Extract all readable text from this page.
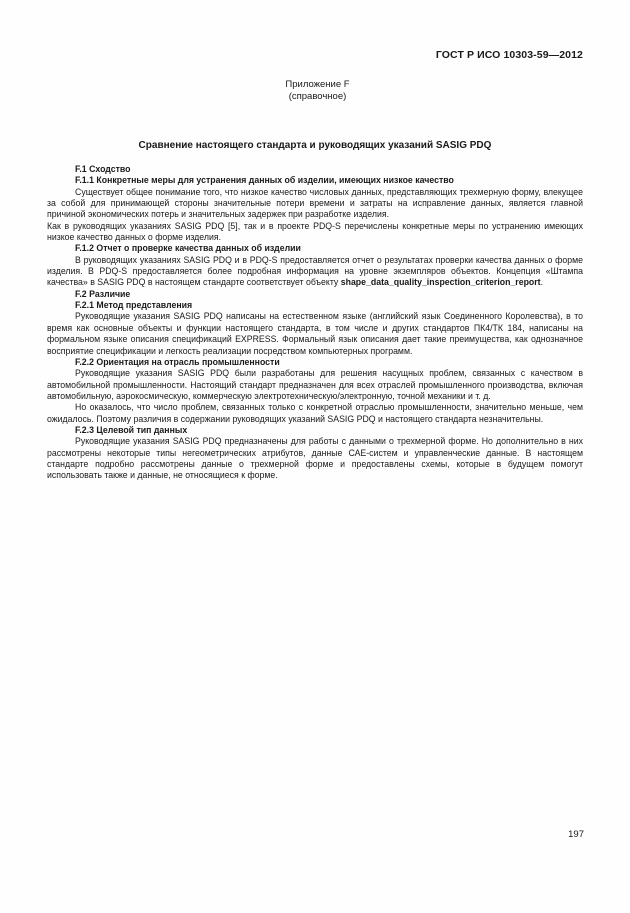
ГОСТ Р ИСО 10303-59—2012
Приложение F
(справочное)
Сравнение настоящего стандарта и руководящих указаний SASIG PDQ
F.1 Сходство
F.1.1 Конкретные меры для устранения данных об изделии, имеющих низкое качество

Существует общее понимание того, что низкое качество числовых данных, представляющих трехмерную форму, влекущее за собой для принимающей стороны значительные потери времени и затраты на исправление данных, является главной причиной экономических потерь и значительных задержек при разработке изделия.

Как в руководящих указаниях SASIG PDQ [5], так и в проекте PDQ-S перечислены конкретные меры по устранению имеющих низкое качество данных о форме изделия.

F.1.2 Отчет о проверке качества данных об изделии

В руководящих указаниях SASIG PDQ и в PDQ-S предоставляется отчет о результатах проверки качества данных о форме изделия. В PDQ-S предоставляется более подробная информация на уровне экземпляров объектов. Концепция «Штампа качества» в SASIG PDQ в настоящем стандарте соответствует объекту shape_data_quality_inspection_criterion_report.

F.2 Различие
F.2.1 Метод представления

Руководящие указания SASIG PDQ написаны на естественном языке (английский язык Соединенного Королевства), в то время как основные объекты и функции настоящего стандарта, в том числе и других стандартов ПК4/ТК 184, написаны на формальном языке описания спецификаций EXPRESS. Формальный язык описания дает такие преимущества, как однозначное восприятие спецификации и легкость реализации посредством компьютерных программ.

F.2.2 Ориентация на отрасль промышленности

Руководящие указания SASIG PDQ были разработаны для решения насущных проблем, связанных с качеством в автомобильной промышленности. Настоящий стандарт предназначен для всех отраслей промышленного производства, включая автомобильную, аэрокосмическую, коммерческую электротехническую/электронную, точной механики и т. д.

Но оказалось, что число проблем, связанных только с конкретной отраслью промышленности, значительно меньше, чем ожидалось. Поэтому различия в содержании руководящих указаний SASIG PDQ и настоящего стандарта незначительны.

F.2.3 Целевой тип данных

Руководящие указания SASIG PDQ предназначены для работы с данными о трехмерной форме. Но дополнительно в них рассмотрены некоторые типы негеометрических атрибутов, данные САЕ-систем и управленческие данные. В настоящем стандарте подробно рассмотрены данные о трехмерной форме и предоставлены схемы, которые в будущем помогут использовать также и данные, не относящиеся к форме.

197
